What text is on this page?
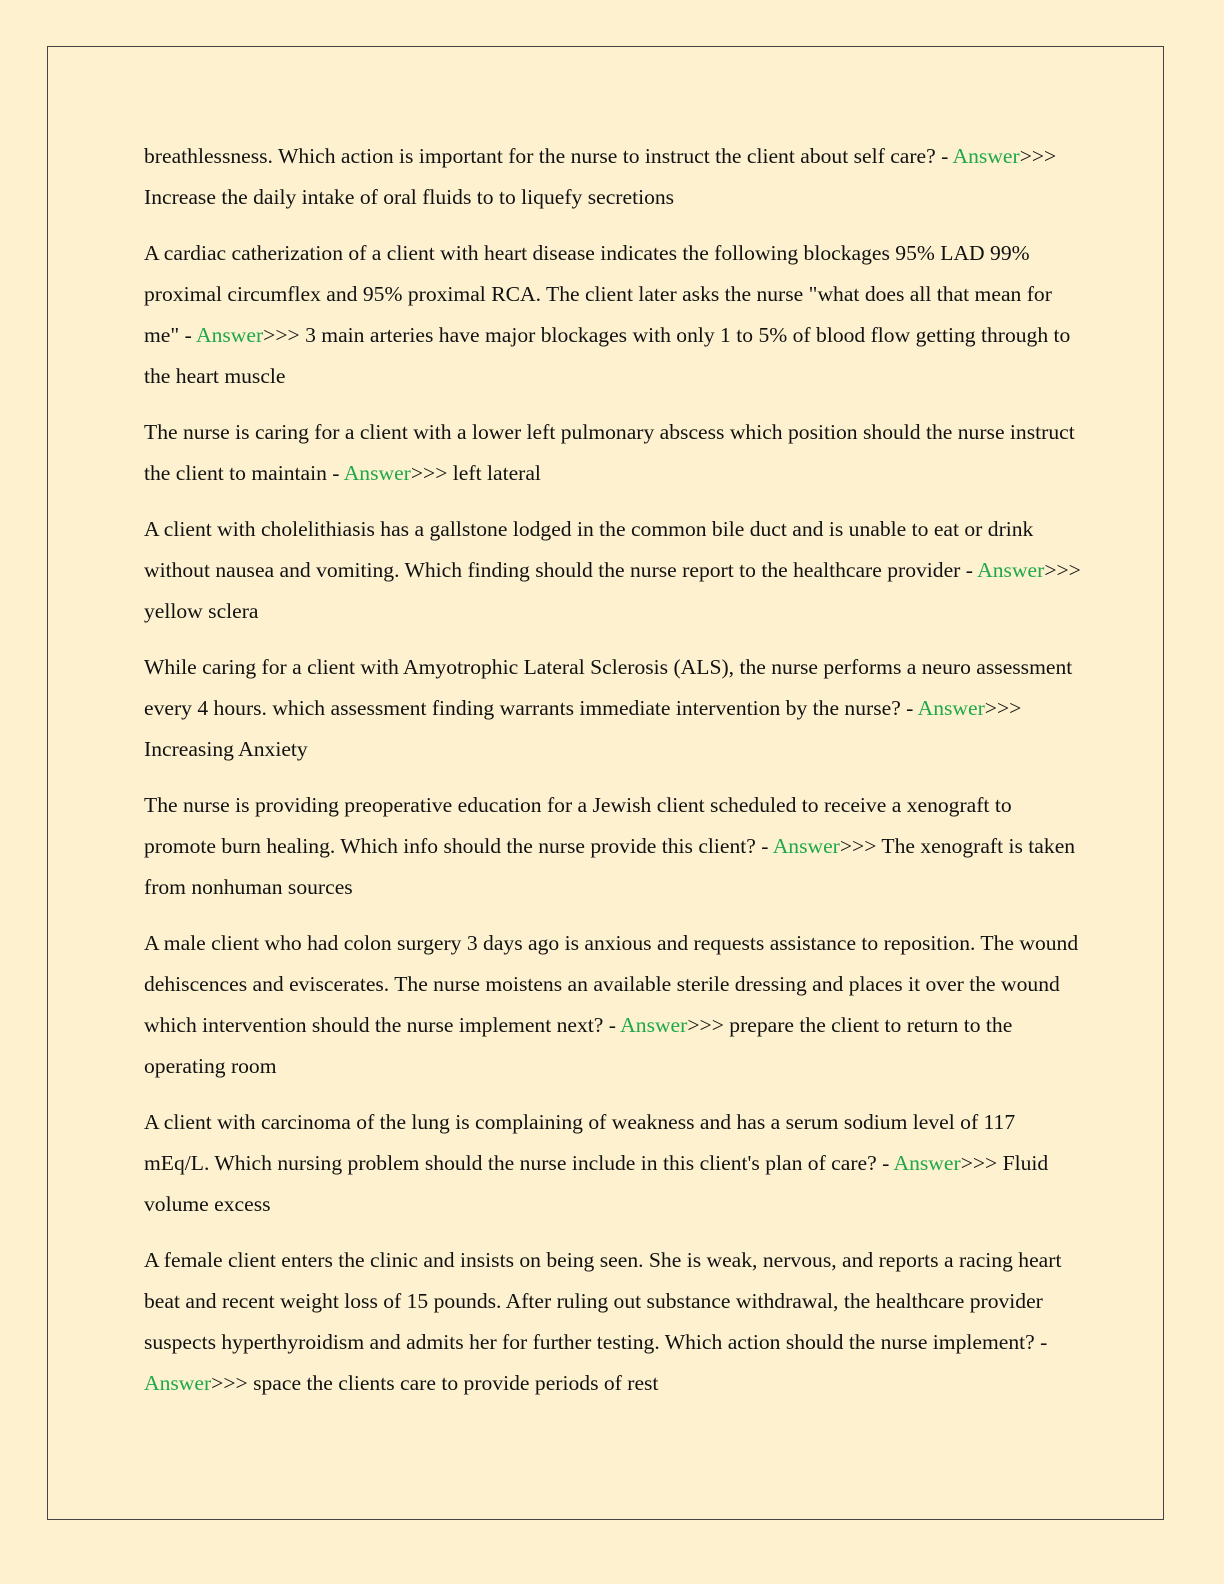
breathlessness. Which action is important for the nurse to instruct the client about self care? - Answer>>> Increase the daily intake of oral fluids to to liquefy secretions

A cardiac catherization of a client with heart disease indicates the following blockages 95% LAD 99% proximal circumflex and 95% proximal RCA. The client later asks the nurse "what does all that mean for me" - Answer>>> 3 main arteries have major blockages with only 1 to 5% of blood flow getting through to the heart muscle

The nurse is caring for a client with a lower left pulmonary abscess which position should the nurse instruct the client to maintain - Answer>>> left lateral

A client with cholelithiasis has a gallstone lodged in the common bile duct and is unable to eat or drink without nausea and vomiting. Which finding should the nurse report to the healthcare provider - Answer>>> yellow sclera

While caring for a client with Amyotrophic Lateral Sclerosis (ALS), the nurse performs a neuro assessment every 4 hours. which assessment finding warrants immediate intervention by the nurse? - Answer>>> Increasing Anxiety

The nurse is providing preoperative education for a Jewish client scheduled to receive a xenograft to promote burn healing. Which info should the nurse provide this client? - Answer>>> The xenograft is taken from nonhuman sources

A male client who had colon surgery 3 days ago is anxious and requests assistance to reposition. The wound dehiscences and eviscerates. The nurse moistens an available sterile dressing and places it over the wound which intervention should the nurse implement next? - Answer>>> prepare the client to return to the operating room

A client with carcinoma of the lung is complaining of weakness and has a serum sodium level of 117 mEq/L. Which nursing problem should the nurse include in this client's plan of care? - Answer>>> Fluid volume excess

A female client enters the clinic and insists on being seen. She is weak, nervous, and reports a racing heart beat and recent weight loss of 15 pounds. After ruling out substance withdrawal, the healthcare provider suspects hyperthyroidism and admits her for further testing. Which action should the nurse implement? - Answer>>> space the clients care to provide periods of rest
